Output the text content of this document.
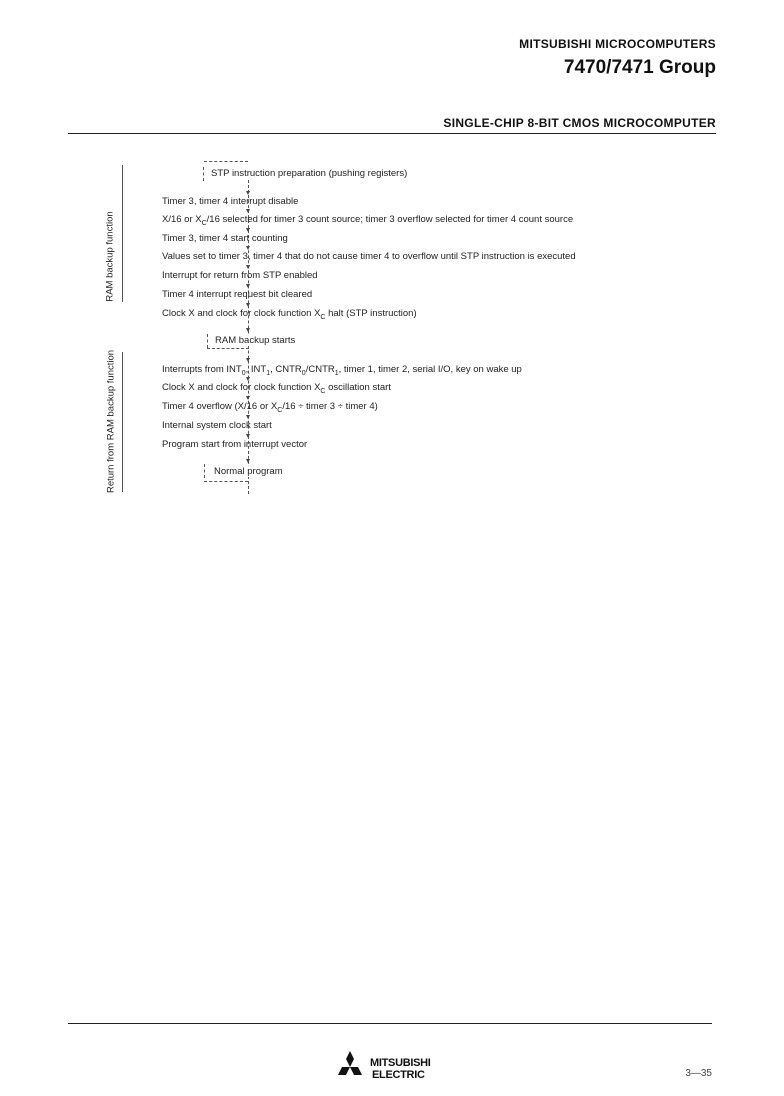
MITSUBISHI MICROCOMPUTERS
7470/7471 Group
SINGLE-CHIP 8-BIT CMOS MICROCOMPUTER
RAM backup function
Return from RAM backup function
STP instruction preparation (pushing registers)
Timer 3, timer 4 interrupt disable
X/16 or $X_C/16$ selected for timer 3 count source; timer 3 overflow selected for timer 4 count source
Timer 3, timer 4 start counting
Values set to timer 3, timer 4 that do not cause timer 4 to overflow until STP instruction is executed
Interrupt for return from STP enabled
Timer 4 interrupt request bit cleared
Clock X and clock for clock function $X_C$ halt (STP instruction)
RAM backup starts
Interrupts from $INT_0$, $INT_1$, $CNTR_0/CNTR_1$, timer 1, timer 2, serial I/O, key on wake up
Clock X and clock for clock function $X_C$ oscillation start
Timer 4 overflow (X/16 or $X_C/16$ ÷ timer 3 ÷ timer 4)
Internal system clock start
Program start from interrupt vector
Normal program
MITSUBISHI
ELECTRIC	3—35
